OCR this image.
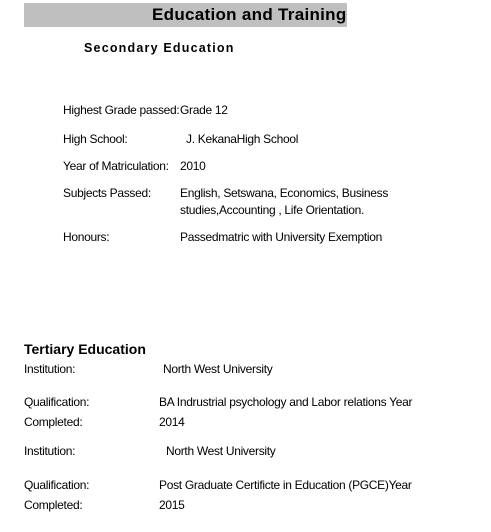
Education and Training
Secondary Education
Highest Grade passed: Grade 12
High School:	J. KekanaHigh School
Year of Matriculation: 2010
Subjects Passed: English, Setswana, Economics, Business studies,Accounting , Life Orientation.
Honours:	Passedmatric with University Exemption
Tertiary Education
Institution:	North West University
Qualification:	BA Indrustrial psychology and Labor relations Year
Completed:	2014
Institution:	North West University
Qualification:	Post Graduate Certificte in Education (PGCE)Year
Completed:	2015
